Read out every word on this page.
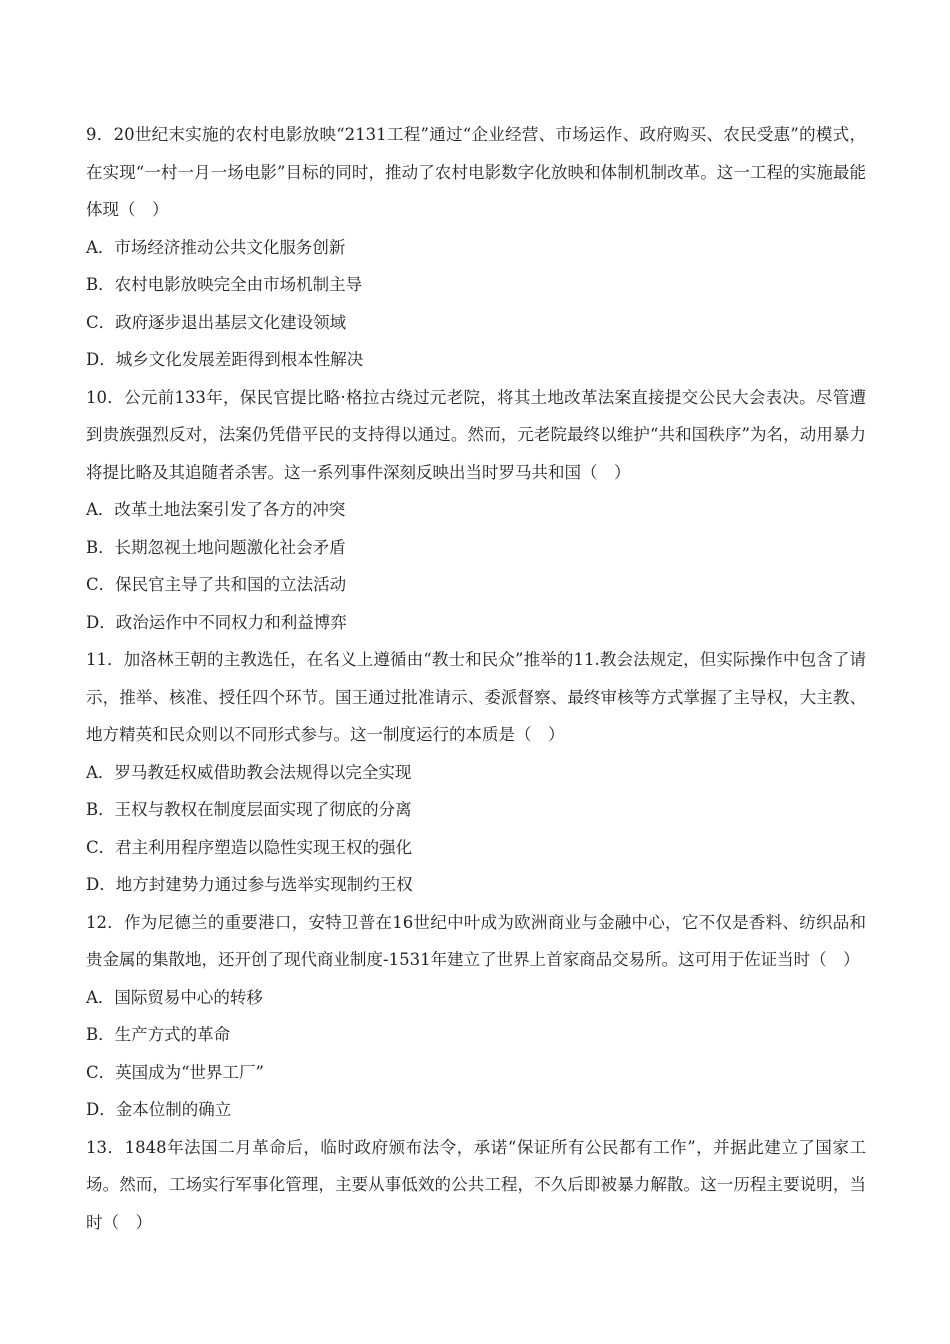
9．20世纪末实施的农村电影放映“2131工程”通过“企业经营、市场运作、政府购买、农民受惠”的模式，在实现“一村一月一场电影”目标的同时，推动了农村电影数字化放映和体制机制改革。这一工程的实施最能体现（　）

A．市场经济推动公共文化服务创新

B．农村电影放映完全由市场机制主导

C．政府逐步退出基层文化建设领域

D．城乡文化发展差距得到根本性解决

10．公元前133年，保民官提比略·格拉古绕过元老院，将其土地改革法案直接提交公民大会表决。尽管遭到贵族强烈反对，法案仍凭借平民的支持得以通过。然而，元老院最终以维护“共和国秩序”为名，动用暴力将提比略及其追随者杀害。这一系列事件深刻反映出当时罗马共和国（　）

A．改革土地法案引发了各方的冲突

B．长期忽视土地问题激化社会矛盾

C．保民官主导了共和国的立法活动

D．政治运作中不同权力和利益博弈

11．加洛林王朝的主教选任，在名义上遵循由“教士和民众”推举的11.教会法规定，但实际操作中包含了请示，推举、核准、授任四个环节。国王通过批准请示、委派督察、最终审核等方式掌握了主导权，大主教、地方精英和民众则以不同形式参与。这一制度运行的本质是（　）

A．罗马教廷权威借助教会法规得以完全实现

B．王权与教权在制度层面实现了彻底的分离

C．君主利用程序塑造以隐性实现王权的强化

D．地方封建势力通过参与选举实现制约王权

12．作为尼德兰的重要港口，安特卫普在16世纪中叶成为欧洲商业与金融中心，它不仅是香料、纺织品和贵金属的集散地，还开创了现代商业制度-1531年建立了世界上首家商品交易所。这可用于佐证当时（　）

A．国际贸易中心的转移

B．生产方式的革命

C．英国成为“世界工厂”

D．金本位制的确立

13．1848年法国二月革命后，临时政府颁布法令，承诺“保证所有公民都有工作”，并据此建立了国家工场。然而，工场实行军事化管理，主要从事低效的公共工程，不久后即被暴力解散。这一历程主要说明，当时（　）
